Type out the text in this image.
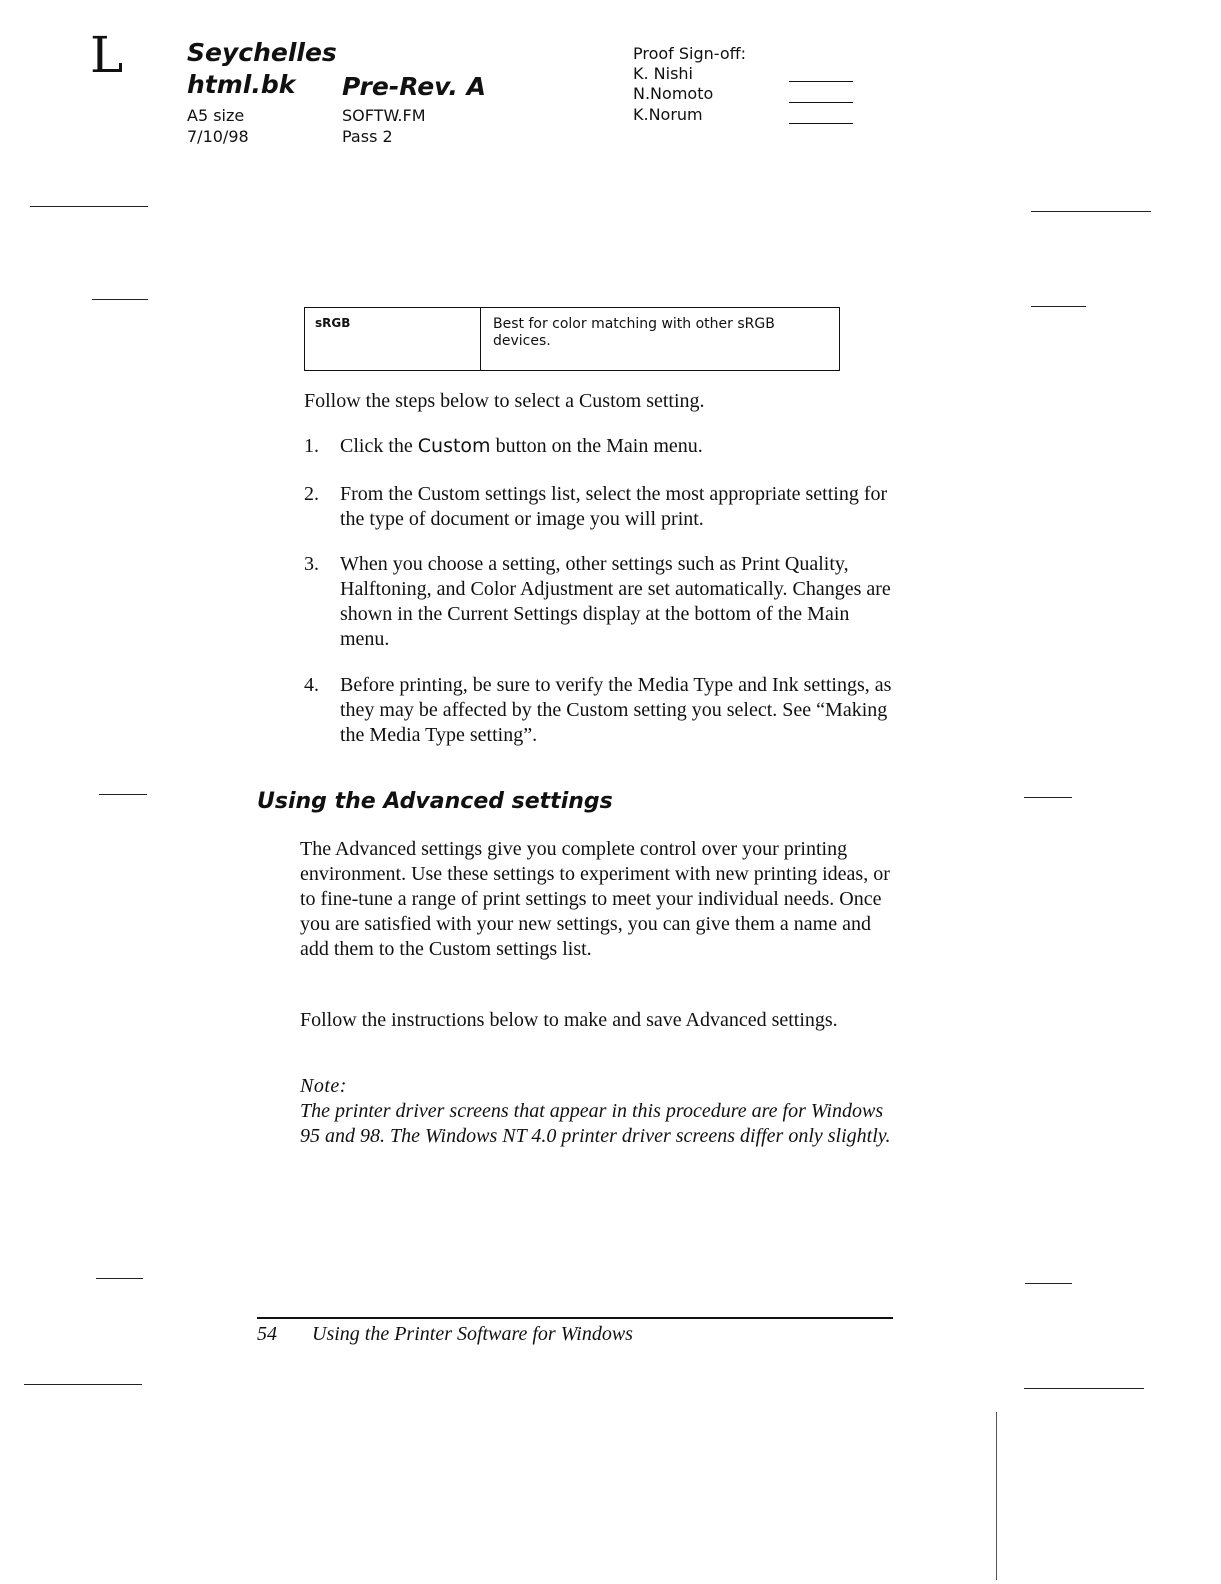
L	Seychelles
html.bk Pre-Rev. A
A5 size
7/10/98
SOFTW.FM
Pass 2
Proof Sign-off:
K. Nishi
N.Nomoto
K.Norum
sRGB	Best for color matching with other sRGB devices.
Follow the steps below to select a Custom setting.
1.	Click the Custom button on the Main menu.
2.	From the Custom settings list, select the most appropriate setting for the type of document or image you will print.
3.	When you choose a setting, other settings such as Print Quality, Halftoning, and Color Adjustment are set automatically. Changes are shown in the Current Settings display at the bottom of the Main menu.
4.	Before printing, be sure to verify the Media Type and Ink settings, as they may be affected by the Custom setting you select. See “Making the Media Type setting”.
Using the Advanced settings
The Advanced settings give you complete control over your printing environment. Use these settings to experiment with new printing ideas, or to fine-tune a range of print settings to meet your individual needs. Once you are satisfied with your new settings, you can give them a name and add them to the Custom settings list.
Follow the instructions below to make and save Advanced settings.
Note:
The printer driver screens that appear in this procedure are for Windows 95 and 98. The Windows NT 4.0 printer driver screens differ only slightly.
54 Using the Printer Software for Windows
